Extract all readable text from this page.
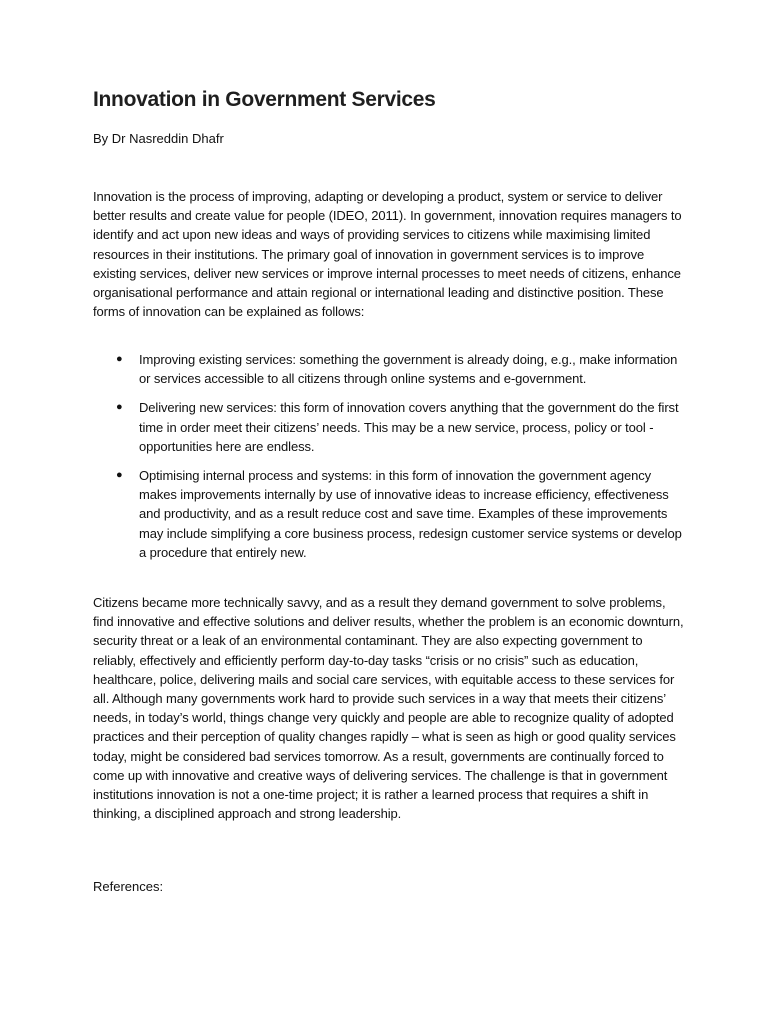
Innovation in Government Services

By Dr Nasreddin Dhafr

Innovation is the process of improving, adapting or developing a product, system or service to deliver better results and create value for people (IDEO, 2011). In government, innovation requires managers to identify and act upon new ideas and ways of providing services to citizens while maximising limited resources in their institutions. The primary goal of innovation in government services is to improve existing services, deliver new services or improve internal processes to meet needs of citizens, enhance organisational performance and attain regional or international leading and distinctive position. These forms of innovation can be explained as follows:

● Improving existing services: something the government is already doing, e.g., make information or services accessible to all citizens through online systems and e-government.
● Delivering new services: this form of innovation covers anything that the government do the first time in order meet their citizens’ needs. This may be a new service, process, policy or tool - opportunities here are endless.
● Optimising internal process and systems: in this form of innovation the government agency makes improvements internally by use of innovative ideas to increase efficiency, effectiveness and productivity, and as a result reduce cost and save time. Examples of these improvements may include simplifying a core business process, redesign customer service systems or develop a procedure that entirely new.

Citizens became more technically savvy, and as a result they demand government to solve problems, find innovative and effective solutions and deliver results, whether the problem is an economic downturn, security threat or a leak of an environmental contaminant. They are also expecting government to reliably, effectively and efficiently perform day-to-day tasks “crisis or no crisis” such as education, healthcare, police, delivering mails and social care services, with equitable access to these services for all. Although many governments work hard to provide such services in a way that meets their citizens’ needs, in today’s world, things change very quickly and people are able to recognize quality of adopted practices and their perception of quality changes rapidly – what is seen as high or good quality services today, might be considered bad services tomorrow. As a result, governments are continually forced to come up with innovative and creative ways of delivering services. The challenge is that in government institutions innovation is not a one-time project; it is rather a learned process that requires a shift in thinking, a disciplined approach and strong leadership.

References:
